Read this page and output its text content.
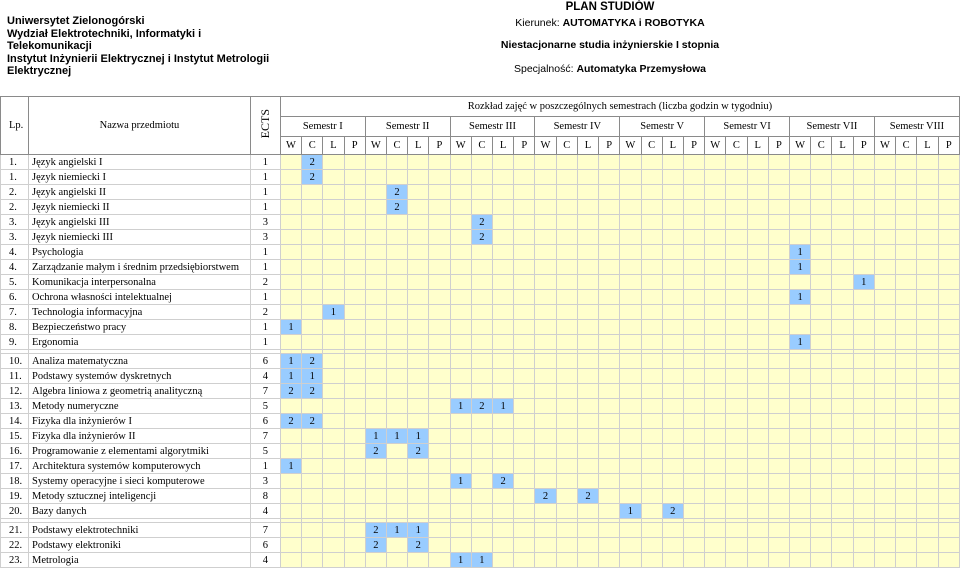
Uniwersytet Zielonogórski
Wydział Elektrotechniki, Informatyki i
Telekomunikacji
Instytut Inżynierii Elektrycznej i Instytut Metrologii
Elektrycznej
PLAN STUDIÓW
Kierunek: AUTOMATYKA i ROBOTYKA
Niestacjonarne studia inżynierskie I stopnia
Specjalność: Automatyka Przemysłowa
Lp.	Nazwa przedmiotu	ECTS	Rozkład zajęć w poszczególnych semestrach (liczba godzin w tygodniu)																															
			Semestr I				Semestr II				Semestr III				Semestr IV				Semestr V				Semestr VI				Semestr VII				Semestr VIII			
			W	C	L	P	W	C	L	P	W	C	L	P	W	C	L	P	W	C	L	P	W	C	L	P	W	C	L	P	W	C	L	P
1.	Język angielski I	1		2																														
1.	Język niemiecki I	1		2																														
2.	Język angielski II	1						2																										
2.	Język niemiecki II	1						2																										
3.	Język angielski III	3										2																						
3.	Język niemiecki III	3										2																						
4.	Psychologia	1																									1							
4.	Zarządzanie małym i średnim przedsiębiorstwem	1																									1							
5.	Komunikacja interpersonalna	2																												1				
6.	Ochrona własności intelektualnej	1																									1							
7.	Technologia informacyjna	2			1																													
8.	Bezpieczeństwo pracy	1	1																															
9.	Ergonomia	1																									1							

10.	Analiza matematyczna	6	1	2																														
11.	Podstawy systemów dyskretnych	4	1	1																														
12.	Algebra liniowa z geometrią analityczną	7	2	2																														
13.	Metody numeryczne	5									1	2	1																					
14.	Fizyka dla inżynierów I	6	2	2																														
15.	Fizyka dla inżynierów II	7					1	1	1																									
16.	Programowanie z elementami algorytmiki	5					2		2																									
17.	Architektura systemów komputerowych	1	1																															
18.	Systemy operacyjne i sieci komputerowe	3									1		2																					
19.	Metody sztucznej inteligencji	8													2		2																	
20.	Bazy danych	4																	1		2													

21.	Podstawy elektrotechniki	7					2	1	1																									
22.	Podstawy elektroniki	6					2		2																									
23.	Metrologia	4									1	1																						
